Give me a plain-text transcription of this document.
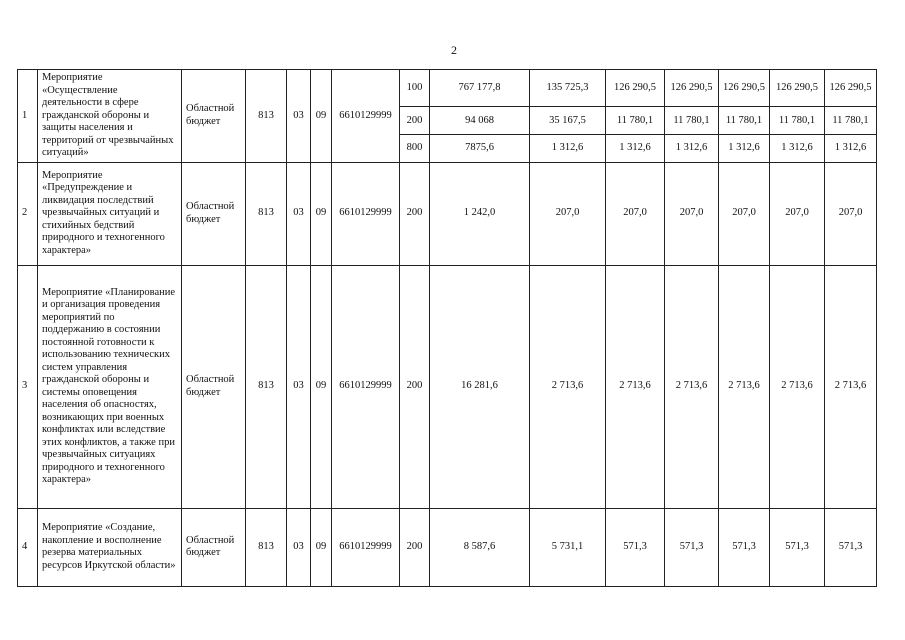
2
1	Мероприятие «Осуществление деятельности в сфере гражданской обороны и защиты населения и территорий от чрезвычайных ситуаций»	Областной бюджет	813	03	09	6610129999	100	767 177,8	135 725,3	126 290,5	126 290,5	126 290,5	126 290,5	126 290,5
							200	94 068	35 167,5	11 780,1	11 780,1	11 780,1	11 780,1	11 780,1
							800	7875,6	1 312,6	1 312,6	1 312,6	1 312,6	1 312,6	1 312,6
2	Мероприятие «Предупреждение и ликвидация последствий чрезвычайных ситуаций и стихийных бедствий природного и техногенного характера»	Областной бюджет	813	03	09	6610129999	200	1 242,0	207,0	207,0	207,0	207,0	207,0	207,0
3	Мероприятие «Планирование и организация проведения мероприятий по поддержанию в состоянии постоянной готовности к использованию технических систем управления гражданской обороны и системы оповещения населения об опасностях, возникающих при военных конфликтах или вследствие этих конфликтов, а также при чрезвычайных ситуациях природного и техногенного характера»	Областной бюджет	813	03	09	6610129999	200	16 281,6	2 713,6	2 713,6	2 713,6	2 713,6	2 713,6	2 713,6
4	Мероприятие «Создание, накопление и восполнение резерва материальных ресурсов Иркутской области»	Областной бюджет	813	03	09	6610129999	200	8 587,6	5 731,1	571,3	571,3	571,3	571,3	571,3
